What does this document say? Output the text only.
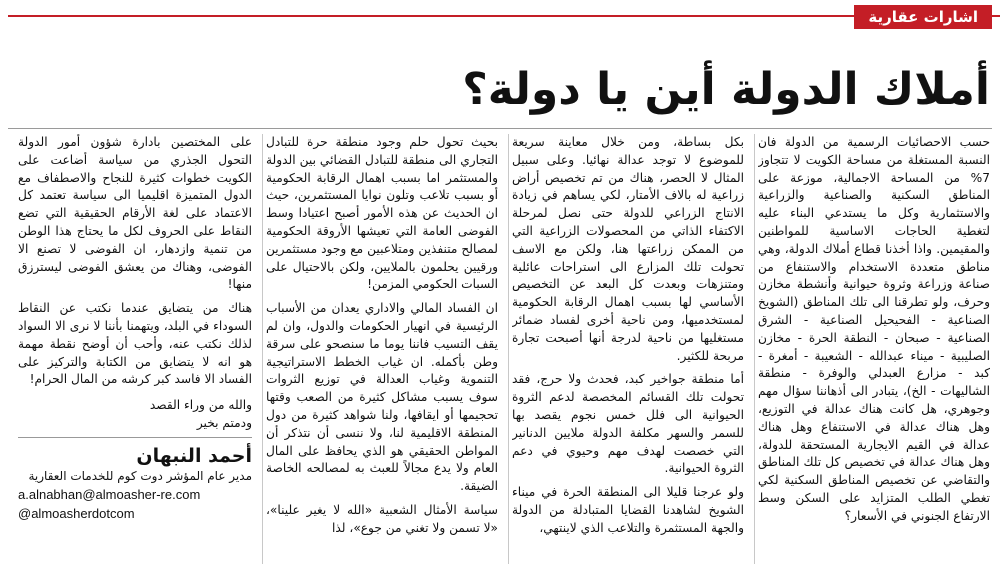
اشارات عقارية
أملاك الدولة أين يا دولة؟

حسب الاحصائيات الرسمية من الدولة فان النسبة المستغلة من مساحة الكويت لا تتجاوز 7% من المساحة الاجمالية، موزعة على المناطق السكنية والصناعية والزراعية والاستثمارية وكل ما يستدعي البناء عليه لتغطية الحاجات الاساسية للمواطنين والمقيمين. واذا أخذنا قطاع أملاك الدولة، وهي مناطق متعددة الاستخدام والاستنفاع من صناعة وزراعة وثروة حيوانية وأنشطة مخازن وحرف، ولو تطرقنا الى تلك المناطق (الشويخ الصناعية - الفحيحيل الصناعية - الشرق الصناعية - صبحان - النطقة الحرة - مخازن الصليبية - ميناء عبدالله - الشعيبة - أمغرة - كبد - مزارع العبدلي والوفرة - منطقة الشاليهات - الخ)، يتبادر الى أذهاننا سؤال مهم وجوهري، هل كانت هناك عدالة في التوزيع، وهل هناك عدالة في الاستنفاع وهل هناك عدالة في القيم الايجارية المستحقة للدولة، وهل هناك عدالة في تخصيص كل تلك المناطق والتقاضي عن تخصيص المناطق السكنية لكي تغطي الطلب المتزايد على السكن وسط الارتفاع الجنوني في الأسعار؟

بكل بساطة، ومن خلال معاينة سريعة للموضوع لا توجد عدالة نهائيا. وعلى سبيل المثال لا الحصر، هناك من تم تخصيص أراض زراعية له بالاف الأمتار، لكي يساهم في زيادة الانتاج الزراعي للدولة حتى نصل لمرحلة الاكتفاء الذاتي من المحصولات الزراعية التي من الممكن زراعتها هنا، ولكن مع الاسف تحولت تلك المزارع الى استراحات عائلية ومتنزهات وبعدت كل البعد عن التخصيص الأساسي لها بسبب اهمال الرقابة الحكومية لمستخدميها، ومن ناحية أخرى لفساد ضمائر مستغليها من ناحية لدرجة أنها أصبحت تجارة مربحة للكثير.

أما منطقة جواخير كبد، فحدث ولا حرج، فقد تحولت تلك القسائم المخصصة لدعم الثروة الحيوانية الى فلل خمس نجوم يقصد بها للسمر والسهر مكلفة الدولة ملايين الدنانير التي خصصت لهدف مهم وحيوي في دعم الثروة الحيوانية.

ولو عرجنا قليلا الى المنطقة الحرة في ميناء الشويخ لشاهدنا القضايا المتبادلة من الدولة والجهة المستثمرة والتلاعب الذي لاينتهي،

بحيث تحول حلم وجود منطقة حرة للتبادل التجاري الى منطقة للتبادل القضائي بين الدولة والمستثمر اما بسبب اهمال الرقابة الحكومية أو بسبب تلاعب وتلون نوايا المستثمرين، حيث ان الحديث عن هذه الأمور أصبح اعتيادا وسط الفوضى العامة التي تعيشها الأروقة الحكومية لمصالح متنفذين ومتلاعبين مع وجود مستثمرين ورقيين يحلمون بالملايين، ولكن بالاحتيال على السبات الحكومي المزمن!

ان الفساد المالي والاداري يعدان من الأسباب الرئيسية في انهيار الحكومات والدول، وان لم يقف التسيب فاننا يوما ما سنصحو على سرقة وطن بأكمله. ان غياب الخطط الاستراتيجية التنموية وغياب العدالة في توزيع الثروات سوف يسبب مشاكل كثيرة من الصعب وقتها تحجيمها أو ايقافها، ولنا شواهد كثيرة من دول المنطقة الاقليمية لنا، ولا ننسى أن نتذكر أن المواطن الحقيقي هو الذي يحافظ على المال العام ولا يدع مجالاً للعبث به لمصالحه الخاصة الضيقة.

سياسة الأمثال الشعبية «الله لا يغير علينا»، «لا تسمن ولا تغني من جوع»، لذا

على المختصين بادارة شؤون أمور الدولة التحول الجذري من سياسة أضاعت على الكويت خطوات كثيرة للنجاح والاصطفاف مع الدول المتميزة اقليميا الى سياسة تعتمد كل الاعتماد على لغة الأرقام الحقيقية التي تضع النقاط على الحروف لكل ما يحتاج هذا الوطن من تنمية وازدهار، ان الفوضى لا تصنع الا الفوضى، وهناك من يعشق الفوضى ليسترزق منها!

هناك من يتضايق عندما نكتب عن النقاط السوداء في البلد، ويتهمنا بأننا لا نرى الا السواد لذلك نكتب عنه، وأحب أن أوضح نقطة مهمة هو انه لا يتضايق من الكتابة والتركيز على الفساد الا فاسد كبر كرشه من المال الحرام!

والله من وراء القصد
ودمتم بخير
أحمد النبهان
مدير عام المؤشر دوت كوم للخدمات العقارية
a.alnabhan@almoasher-re.com
@almoasherdotcom
